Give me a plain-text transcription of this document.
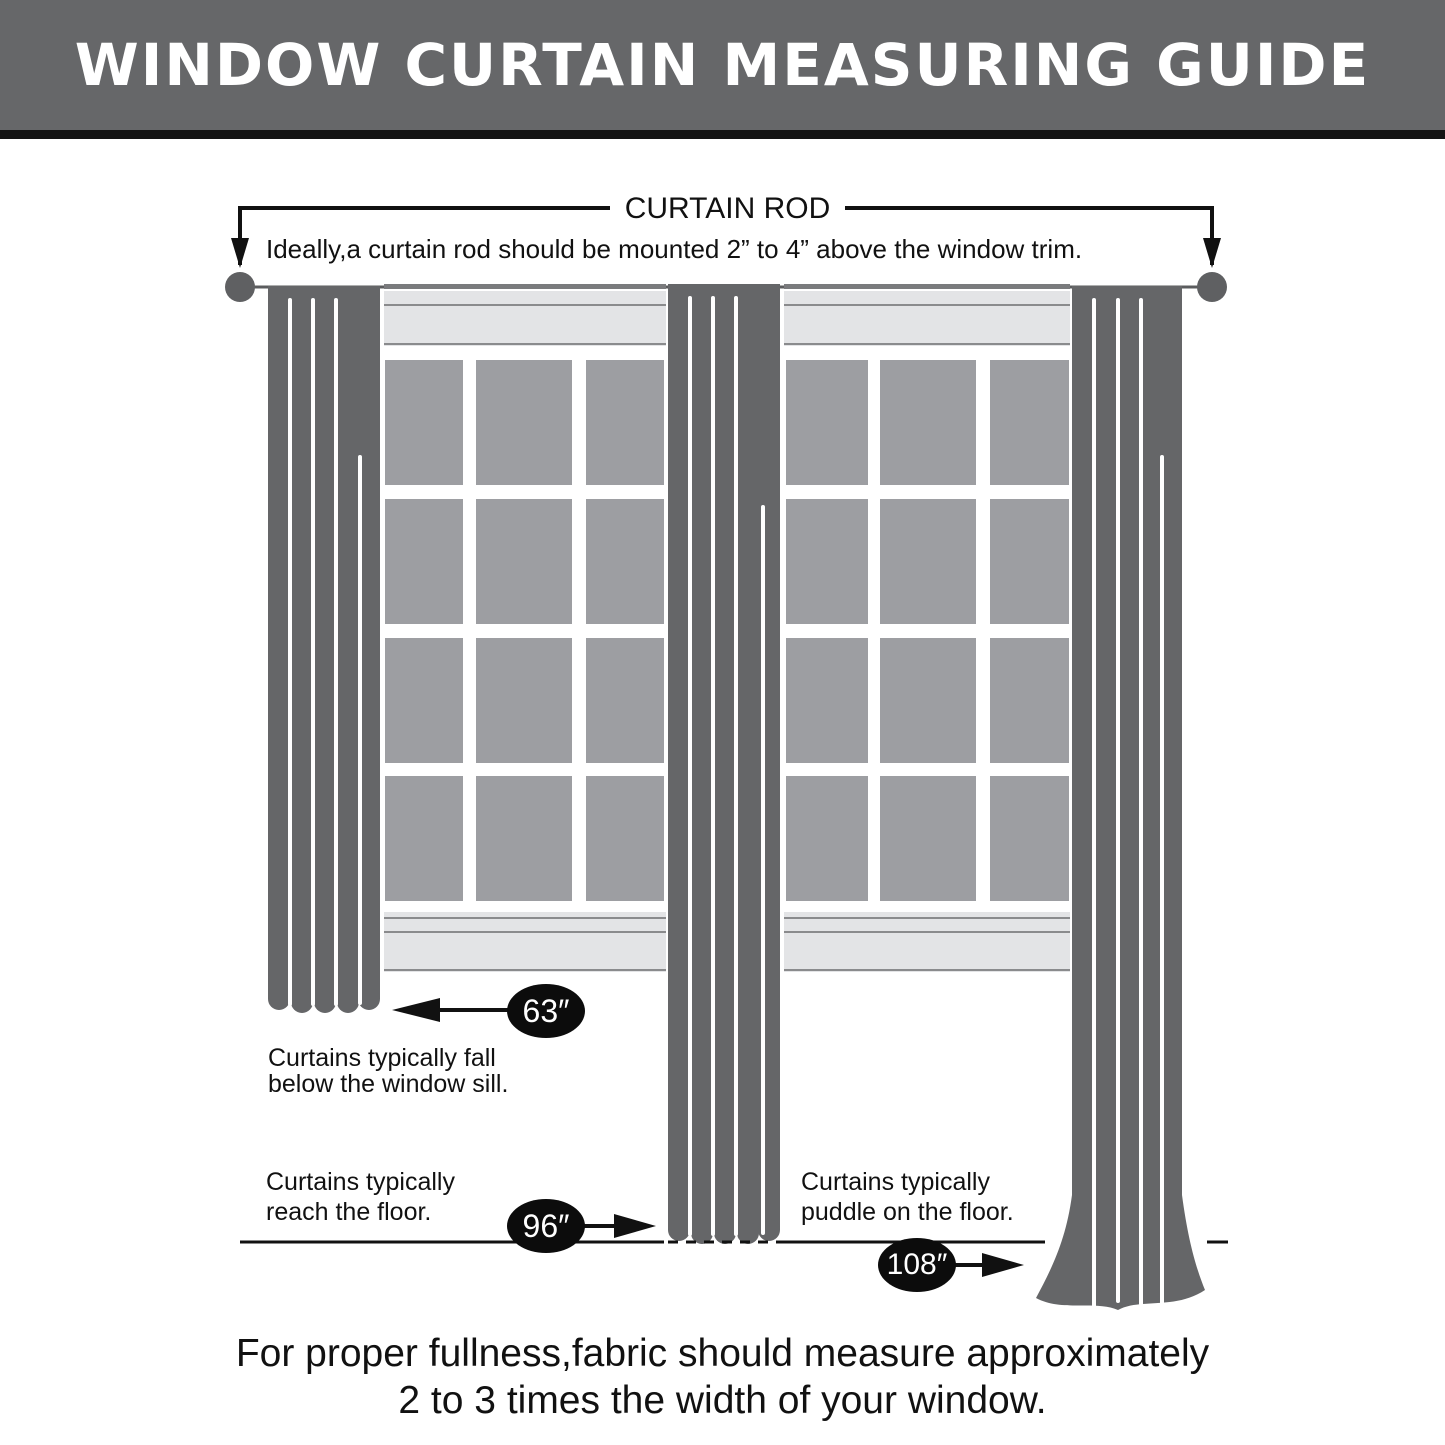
WINDOW CURTAIN MEASURING GUIDE
CURTAIN ROD
Ideally,a curtain rod should be mounted 2” to 4” above the window trim.
63″
96″
108″
Curtains typically fall
below the window sill.
Curtains typically
reach the floor.
Curtains typically
puddle on the floor.
For proper fullness,fabric should measure approximately
2 to 3 times the width of your window.
